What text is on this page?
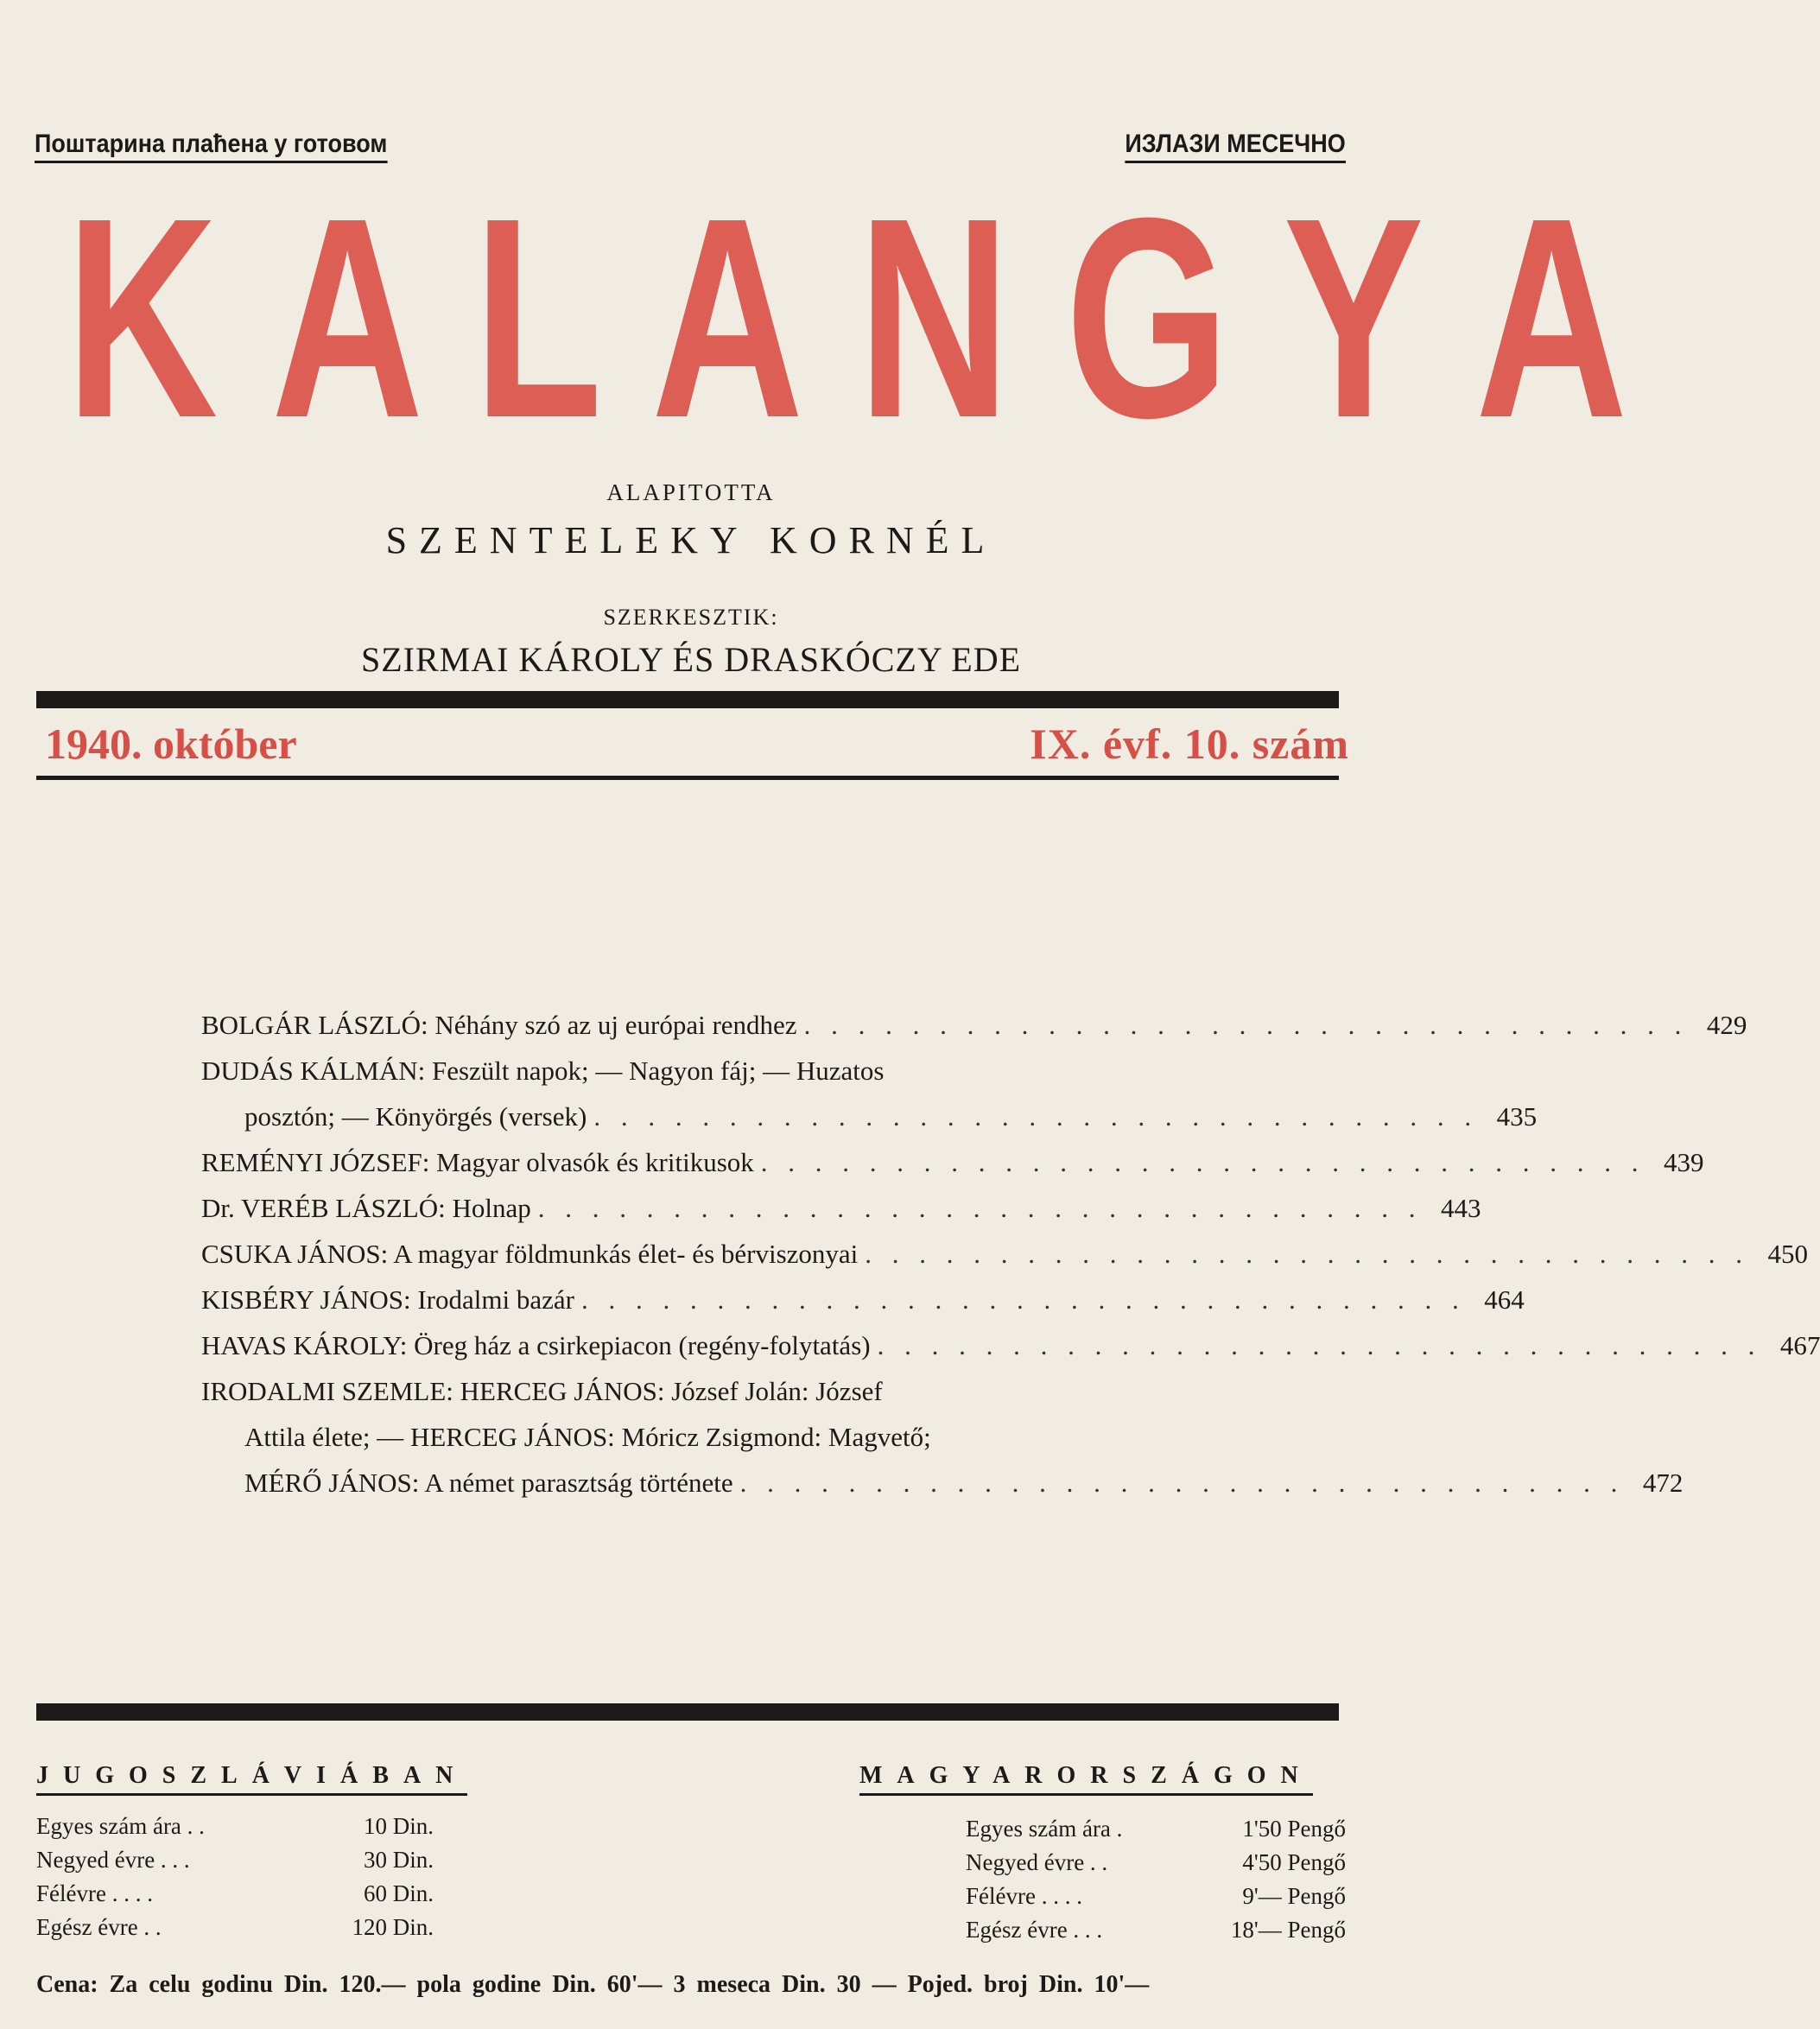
Поштарина плаћена у готовом	ИЗЛАЗИ МЕСЕЧНО
K A L A N G Y A
ALAPITOTTA
SZENTELEKY KORNÉL
SZERKESZTIK:
SZIRMAI KÁROLY ÉS DRASKÓCZY EDE
1940. október	IX. évf. 10. szám
BOLGÁR LÁSZLÓ: Néhány szó az uj európai rendhez . . . . . . . . . . . . . . . . . . . . . . . . . . . . . . . . . 429
DUDÁS KÁLMÁN: Feszült napok; — Nagyon fáj; — Huzatos
posztón; — Könyörgés (versek) . . . . . . . . . . . . . . . . . . . . . . . . . . . . . . . . . 435
REMÉNYI JÓZSEF: Magyar olvasók és kritikusok . . . . . . . . . . . . . . . . . . . . . . . . . . . . . . . . . 439
Dr. VERÉB LÁSZLÓ: Holnap . . . . . . . . . . . . . . . . . . . . . . . . . . . . . . . . . 443
CSUKA JÁNOS: A magyar földmunkás élet- és bérviszonyai . . . . . . . . . . . . . . . . . . . . . . . . . . . . . . . . . 450
KISBÉRY JÁNOS: Irodalmi bazár . . . . . . . . . . . . . . . . . . . . . . . . . . . . . . . . . 464
HAVAS KÁROLY: Öreg ház a csirkepiacon (regény-folytatás) . . . . . . . . . . . . . . . . . . . . . . . . . . . . . . . . . 467
IRODALMI SZEMLE: HERCEG JÁNOS: József Jolán: József
Attila élete; — HERCEG JÁNOS: Móricz Zsigmond: Magvető;
MÉRŐ JÁNOS: A német parasztság története . . . . . . . . . . . . . . . . . . . . . . . . . . . . . . . . . 472
JUGOSZLÁVIÁBAN	MAGYARORSZÁGON
Egyes szám ára . .	10 Din.
Negyed évre . . .	30 Din.
Félévre . . . .	60 Din.
Egész évre . .	120 Din.
Egyes szám ára .	1'50 Pengő
Negyed évre . .	4'50 Pengő
Félévre . . . .	9'— Pengő
Egész évre . . .	18'— Pengő
Cena: Za celu godinu Din. 120.— pola godine Din. 60'— 3 meseca Din. 30 — Pojed. broj Din. 10'—
